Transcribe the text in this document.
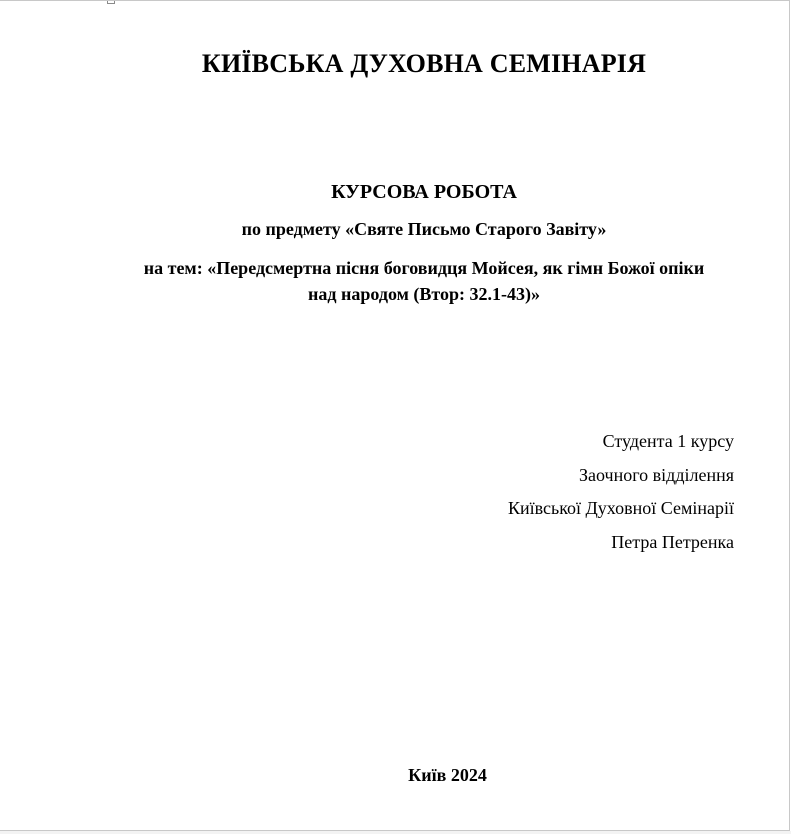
КИЇВСЬКА ДУХОВНА СЕМІНАРІЯ
КУРСОВА РОБОТА
по предмету «Святе Письмо Старого Завіту»
на тем: «Передсмертна пісня боговидця Мойсея, як гімн Божої опіки
над народом (Втор: 32.1-43)»
Студента 1 курсу
Заочного відділення
Київської Духовної Семінарії
Петра Петренка
Київ 2024
